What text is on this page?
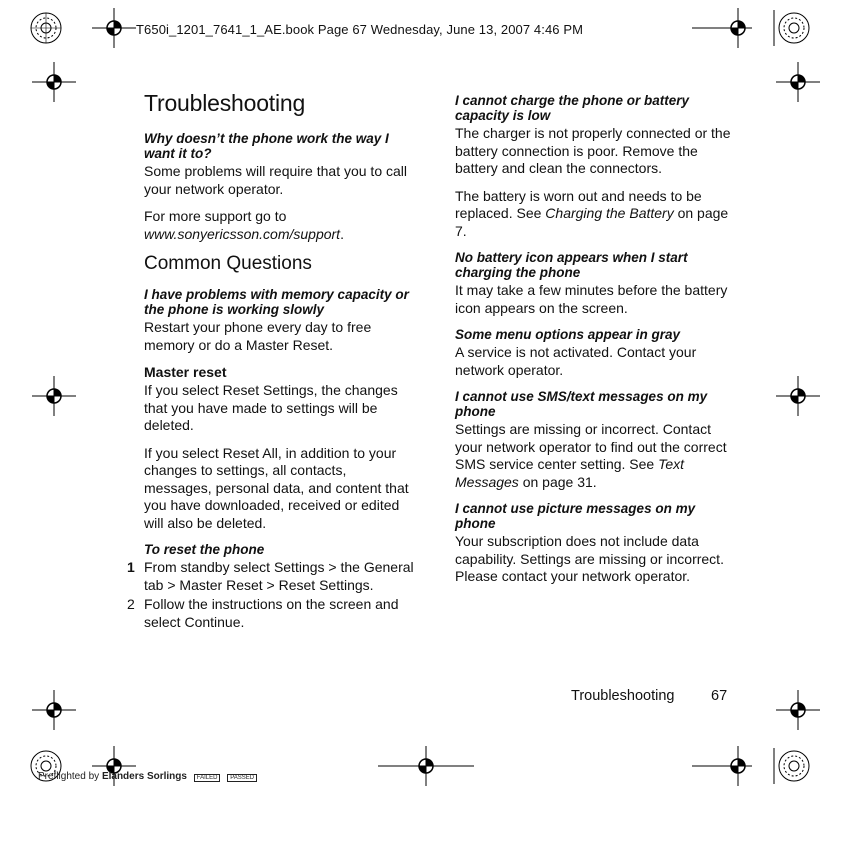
T650i_1201_7641_1_AE.book Page 67 Wednesday, June 13, 2007 4:46 PM
Troubleshooting

Why doesn’t the phone work the way I want it to?

Some problems will require that you to call your network operator.

For more support go to www.sonyericsson.com/support.

Common Questions

I have problems with memory capacity or the phone is working slowly

Restart your phone every day to free memory or do a Master Reset.

Master reset

If you select Reset Settings, the changes that you have made to settings will be deleted.

If you select Reset All, in addition to your changes to settings, all contacts, messages, personal data, and content that you have downloaded, received or edited will also be deleted.

To reset the phone

1 From standby select Settings > the General tab > Master Reset > Reset Settings.
2 Follow the instructions on the screen and select Continue.

I cannot charge the phone or battery capacity is low

The charger is not properly connected or the battery connection is poor. Remove the battery and clean the connectors.

The battery is worn out and needs to be replaced. See Charging the Battery on page 7.

No battery icon appears when I start charging the phone

It may take a few minutes before the battery icon appears on the screen.

Some menu options appear in gray

A service is not activated. Contact your network operator.

I cannot use SMS/text messages on my phone

Settings are missing or incorrect. Contact your network operator to find out the correct SMS service center setting. See Text Messages on page 31.

I cannot use picture messages on my phone

Your subscription does not include data capability. Settings are missing or incorrect. Please contact your network operator.

Troubleshooting	67
Preflighted by Elanders Sorlings FAILED PASSED
